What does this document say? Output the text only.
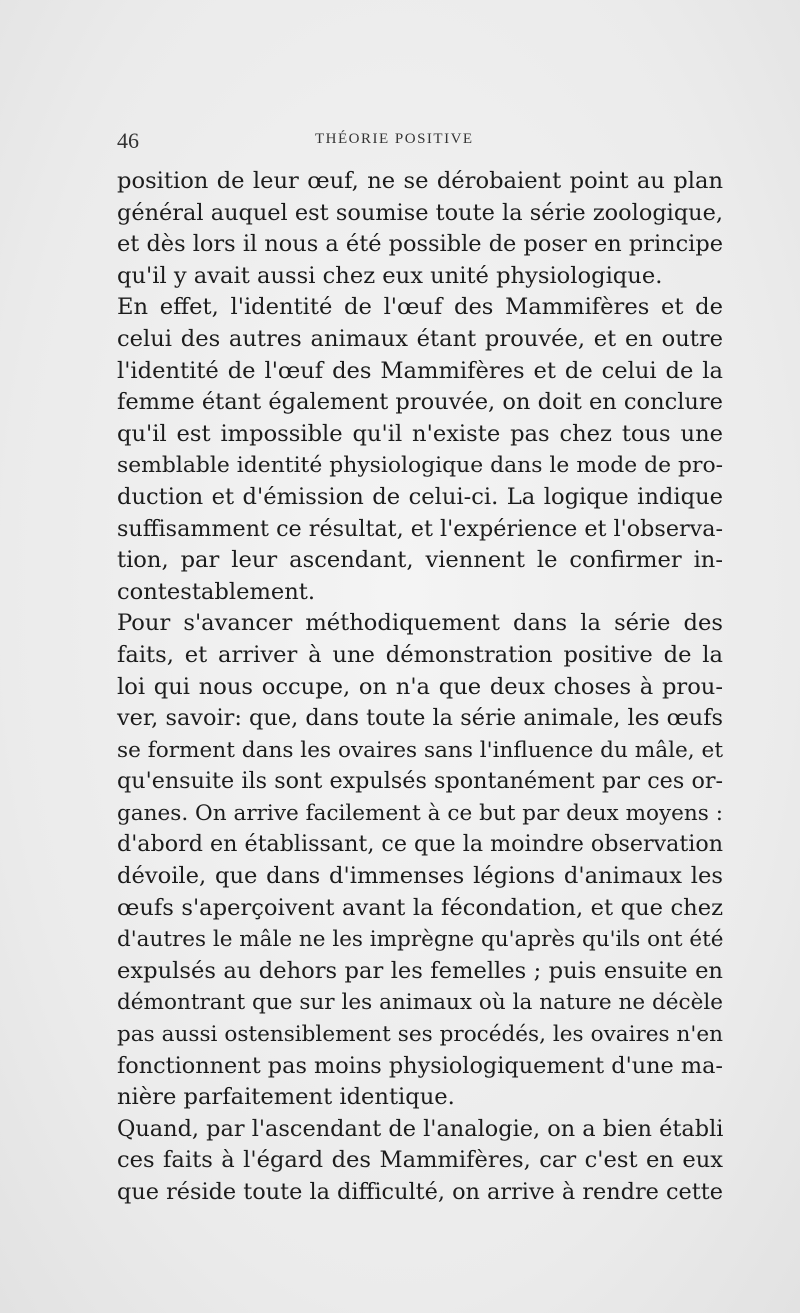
46	THÉORIE POSITIVE
position de leur œuf, ne se dérobaient point au plan
général auquel est soumise toute la série zoologique,
et dès lors il nous a été possible de poser en principe
qu'il y avait aussi chez eux unité physiologique.
En effet, l'identité de l'œuf des Mammifères et de
celui des autres animaux étant prouvée, et en outre
l'identité de l'œuf des Mammifères et de celui de la
femme étant également prouvée, on doit en conclure
qu'il est impossible qu'il n'existe pas chez tous une
semblable identité physiologique dans le mode de pro-
duction et d'émission de celui-ci. La logique indique
suffisamment ce résultat, et l'expérience et l'observa-
tion, par leur ascendant, viennent le confirmer in-
contestablement.
Pour s'avancer méthodiquement dans la série des
faits, et arriver à une démonstration positive de la
loi qui nous occupe, on n'a que deux choses à prou-
ver, savoir: que, dans toute la série animale, les œufs
se forment dans les ovaires sans l'influence du mâle, et
qu'ensuite ils sont expulsés spontanément par ces or-
ganes. On arrive facilement à ce but par deux moyens :
d'abord en établissant, ce que la moindre observation
dévoile, que dans d'immenses légions d'animaux les
œufs s'aperçoivent avant la fécondation, et que chez
d'autres le mâle ne les imprègne qu'après qu'ils ont été
expulsés au dehors par les femelles ; puis ensuite en
démontrant que sur les animaux où la nature ne décèle
pas aussi ostensiblement ses procédés, les ovaires n'en
fonctionnent pas moins physiologiquement d'une ma-
nière parfaitement identique.
Quand, par l'ascendant de l'analogie, on a bien établi
ces faits à l'égard des Mammifères, car c'est en eux
que réside toute la difficulté, on arrive à rendre cette
